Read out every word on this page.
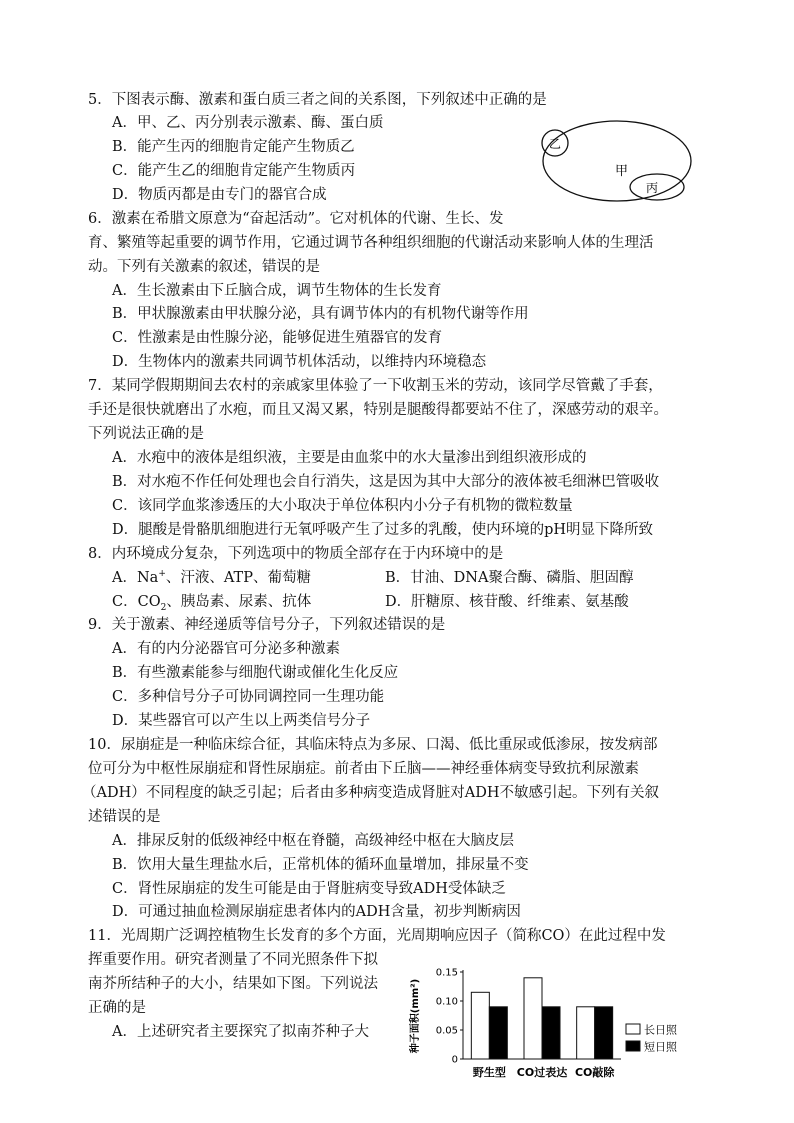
5．下图表示酶、激素和蛋白质三者之间的关系图，下列叙述中正确的是
A．甲、乙、丙分别表示激素、酶、蛋白质
B．能产生丙的细胞肯定能产生物质乙
C．能产生乙的细胞肯定能产生物质丙
D．物质丙都是由专门的器官合成
甲
乙
丙
6．激素在希腊文原意为“奋起活动”。它对机体的代谢、生长、发
育、繁殖等起重要的调节作用，它通过调节各种组织细胞的代谢活动来影响人体的生理活
动。下列有关激素的叙述，错误的是
A．生长激素由下丘脑合成，调节生物体的生长发育
B．甲状腺激素由甲状腺分泌，具有调节体内的有机物代谢等作用
C．性激素是由性腺分泌，能够促进生殖器官的发育
D．生物体内的激素共同调节机体活动，以维持内环境稳态
7．某同学假期期间去农村的亲戚家里体验了一下收割玉米的劳动，该同学尽管戴了手套，
手还是很快就磨出了水疱，而且又渴又累，特别是腿酸得都要站不住了，深感劳动的艰辛。
下列说法正确的是
A．水疱中的液体是组织液，主要是由血浆中的水大量渗出到组织液形成的
B．对水疱不作任何处理也会自行消失，这是因为其中大部分的液体被毛细淋巴管吸收
C．该同学血浆渗透压的大小取决于单位体积内小分子有机物的微粒数量
D．腿酸是骨骼肌细胞进行无氧呼吸产生了过多的乳酸，使内环境的pH明显下降所致
8．内环境成分复杂，下列选项中的物质全部存在于内环境中的是
A．Na+、汗液、ATP、葡萄糖	B．甘油、DNA聚合酶、磷脂、胆固醇
C．$CO_2$、胰岛素、尿素、抗体	D．肝糖原、核苷酸、纤维素、氨基酸
9．关于激素、神经递质等信号分子，下列叙述错误的是
A．有的内分泌器官可分泌多种激素
B．有些激素能参与细胞代谢或催化生化反应
C．多种信号分子可协同调控同一生理功能
D．某些器官可以产生以上两类信号分子
10．尿崩症是一种临床综合征，其临床特点为多尿、口渴、低比重尿或低渗尿，按发病部
位可分为中枢性尿崩症和肾性尿崩症。前者由下丘脑——神经垂体病变导致抗利尿激素
（ADH）不同程度的缺乏引起；后者由多种病变造成肾脏对ADH不敏感引起。下列有关叙
述错误的是
A．排尿反射的低级神经中枢在脊髓，高级神经中枢在大脑皮层
B．饮用大量生理盐水后，正常机体的循环血量增加，排尿量不变
C．肾性尿崩症的发生可能是由于肾脏病变导致ADH受体缺乏
D．可通过抽血检测尿崩症患者体内的ADH含量，初步判断病因
11．光周期广泛调控植物生长发育的多个方面，光周期响应因子（简称CO）在此过程中发
挥重要作用。研究者测量了不同光照条件下拟
南芥所结种子的大小，结果如下图。下列说法
正确的是
A．上述研究者主要探究了拟南芥种子大	种子面积(mm²)
0
0.05
0.10
0.15
野生型 CO过表达 CO敲除
长日照
短日照
